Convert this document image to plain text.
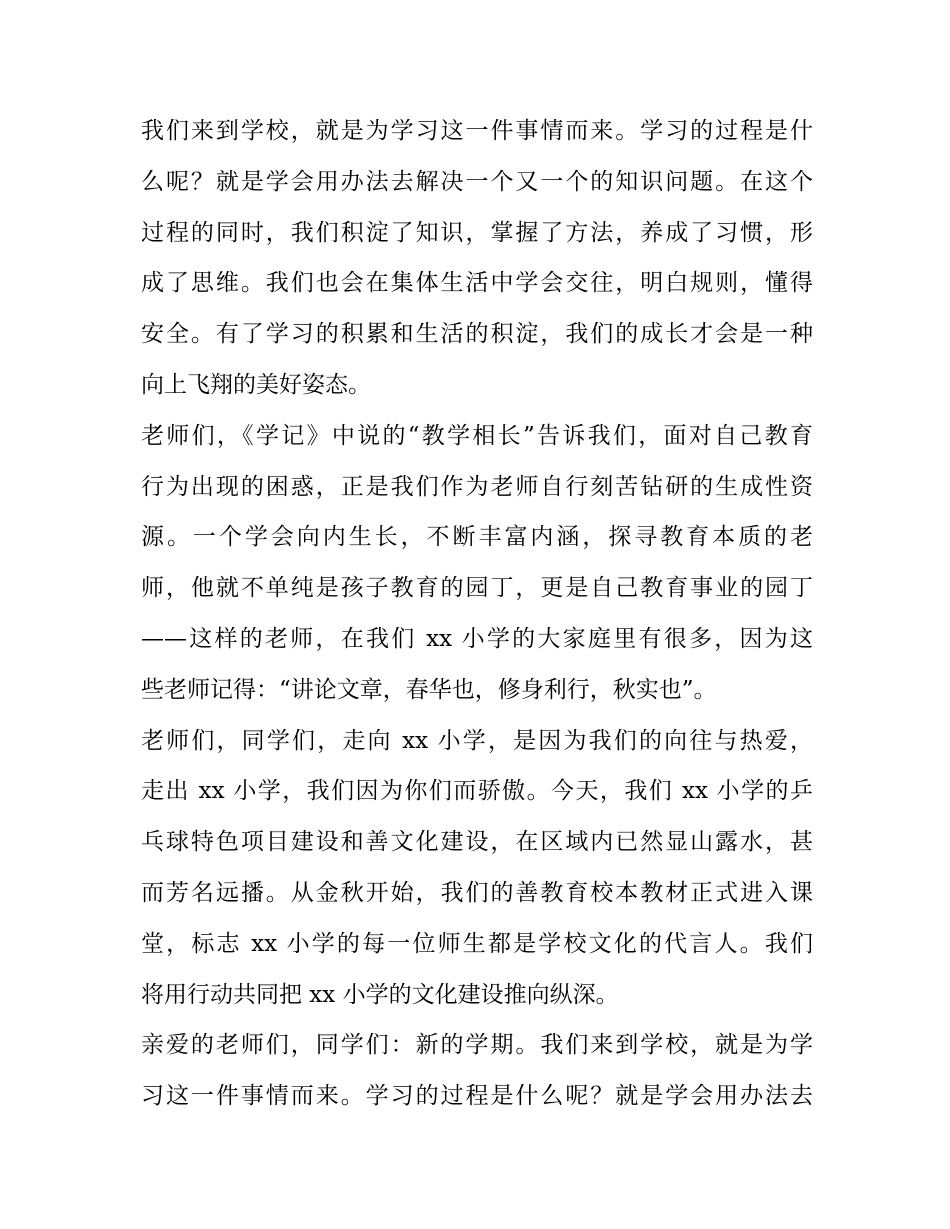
我们来到学校，就是为学习这一件事情而来。学习的过程是什
么呢？就是学会用办法去解决一个又一个的知识问题。在这个
过程的同时，我们积淀了知识，掌握了方法，养成了习惯，形
成了思维。我们也会在集体生活中学会交往，明白规则，懂得
安全。有了学习的积累和生活的积淀，我们的成长才会是一种
向上飞翔的美好姿态。
老师们，《学记》中说的“教学相长”告诉我们，面对自己教育
行为出现的困惑，正是我们作为老师自行刻苦钻研的生成性资
源。一个学会向内生长，不断丰富内涵，探寻教育本质的老
师，他就不单纯是孩子教育的园丁，更是自己教育事业的园丁
——这样的老师，在我们 xx 小学的大家庭里有很多，因为这
些老师记得：“讲论文章，春华也，修身利行，秋实也”。
老师们，同学们，走向 xx 小学，是因为我们的向往与热爱，
走出 xx 小学，我们因为你们而骄傲。今天，我们 xx 小学的乒
乓球特色项目建设和善文化建设，在区域内已然显山露水，甚
而芳名远播。从金秋开始，我们的善教育校本教材正式进入课
堂，标志 xx 小学的每一位师生都是学校文化的代言人。我们
将用行动共同把 xx 小学的文化建设推向纵深。
亲爱的老师们，同学们：新的学期。我们来到学校，就是为学
习这一件事情而来。学习的过程是什么呢？就是学会用办法去
